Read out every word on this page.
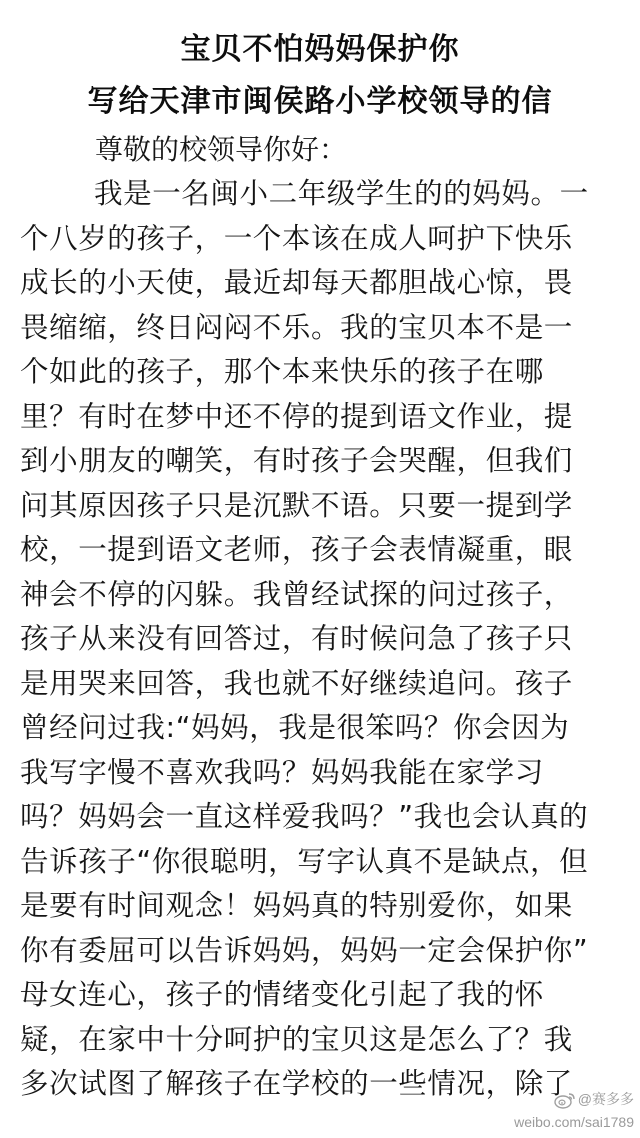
宝贝不怕妈妈保护你
写给天津市闽侯路小学校领导的信
尊敬的校领导你好：
我是一名闽小二年级学生的的妈妈。一
个八岁的孩子，一个本该在成人呵护下快乐
成长的小天使，最近却每天都胆战心惊，畏
畏缩缩，终日闷闷不乐。我的宝贝本不是一
个如此的孩子，那个本来快乐的孩子在哪
里？有时在梦中还不停的提到语文作业，提
到小朋友的嘲笑，有时孩子会哭醒，但我们
问其原因孩子只是沉默不语。只要一提到学
校，一提到语文老师，孩子会表情凝重，眼
神会不停的闪躲。我曾经试探的问过孩子，
孩子从来没有回答过，有时候问急了孩子只
是用哭来回答，我也就不好继续追问。孩子
曾经问过我:“妈妈，我是很笨吗？你会因为
我写字慢不喜欢我吗？妈妈我能在家学习
吗？妈妈会一直这样爱我吗？”我也会认真的
告诉孩子“你很聪明，写字认真不是缺点，但
是要有时间观念！妈妈真的特别爱你，如果
你有委屈可以告诉妈妈，妈妈一定会保护你”
母女连心，孩子的情绪变化引起了我的怀
疑，在家中十分呵护的宝贝这是怎么了？我
多次试图了解孩子在学校的一些情况，除了 @赛多多
weibo.com/sai1789
